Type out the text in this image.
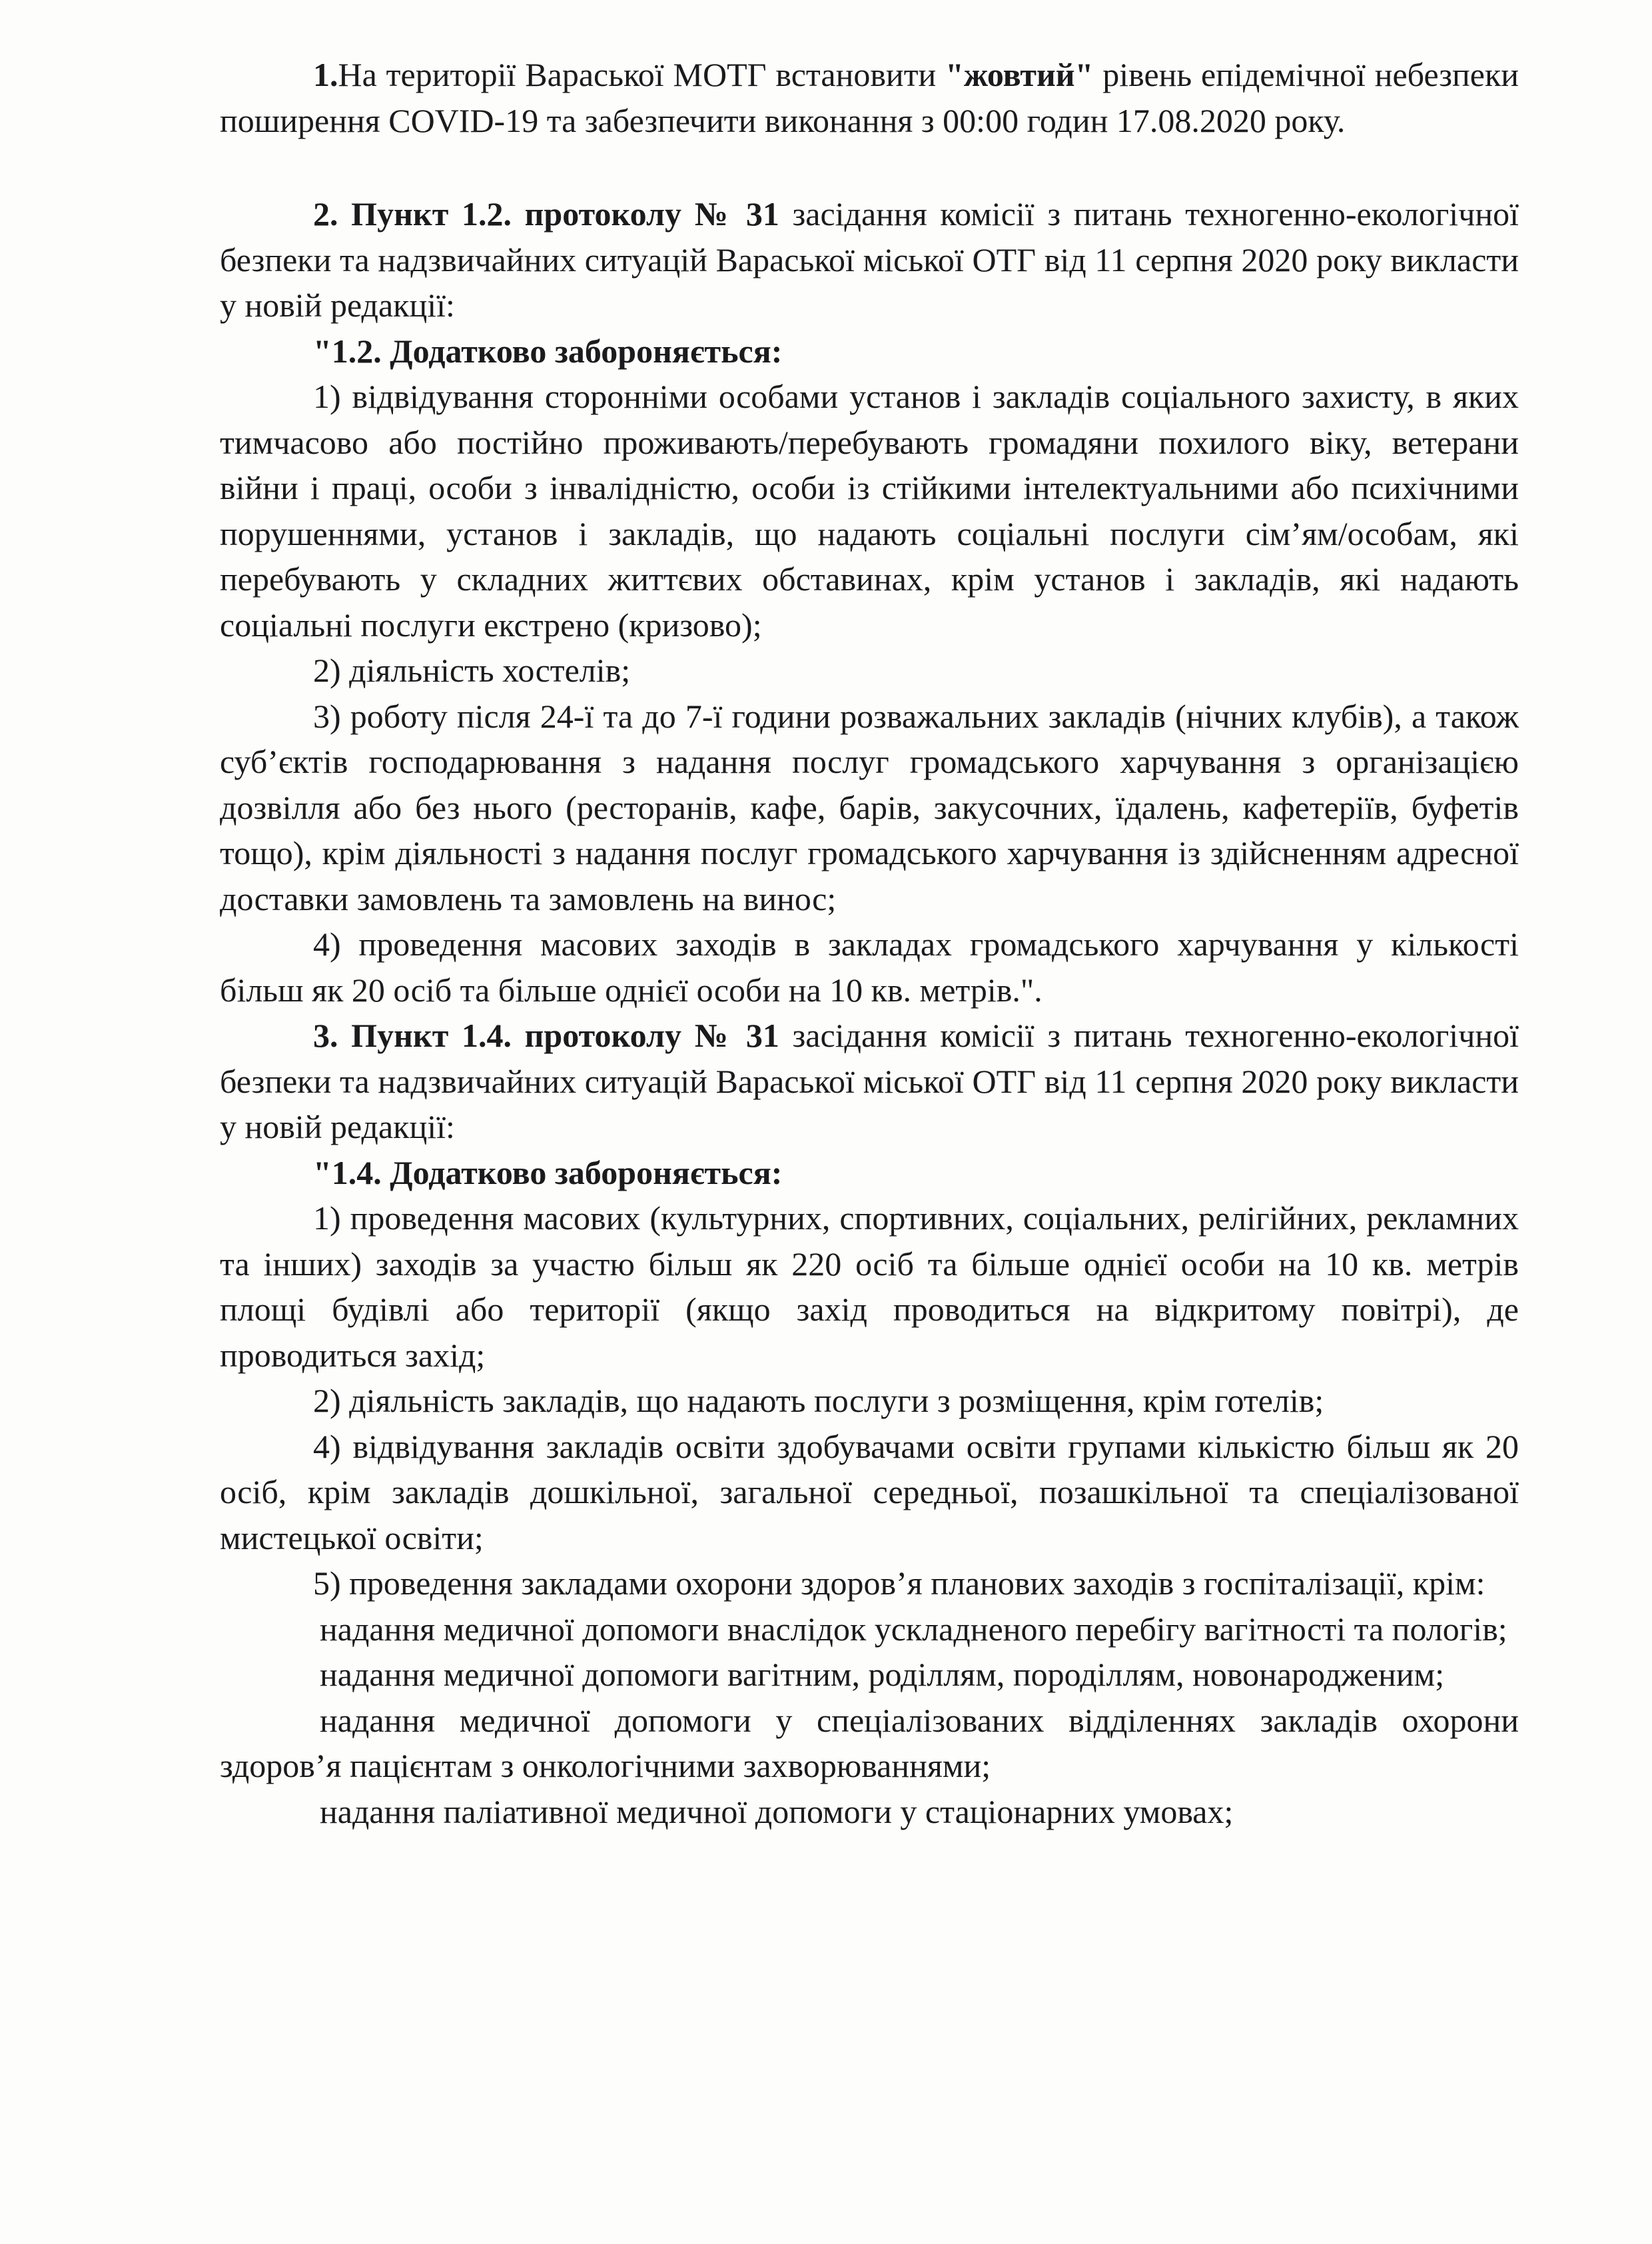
1.На території Вараської МОТГ встановити "жовтий" рівень епідемічної небезпеки поширення COVID-19 та забезпечити виконання з 00:00 годин 17.08.2020 року.

2. Пункт 1.2. протоколу № 31 засідання комісії з питань техногенно-екологічної безпеки та надзвичайних ситуацій Вараської міської ОТГ від 11 серпня 2020 року викласти у новій редакції:

"1.2. Додатково забороняється:

1) відвідування сторонніми особами установ і закладів соціального захисту, в яких тимчасово або постійно проживають/перебувають громадяни похилого віку, ветерани війни і праці, особи з інвалідністю, особи із стійкими інтелектуальними або психічними порушеннями, установ і закладів, що надають соціальні послуги сім’ям/особам, які перебувають у складних життєвих обставинах, крім установ і закладів, які надають соціальні послуги екстрено (кризово);

2) діяльність хостелів;

3) роботу після 24-ї та до 7-ї години розважальних закладів (нічних клубів), а також суб’єктів господарювання з надання послуг громадського харчування з організацією дозвілля або без нього (ресторанів, кафе, барів, закусочних, їдалень, кафетеріїв, буфетів тощо), крім діяльності з надання послуг громадського харчування із здійсненням адресної доставки замовлень та замовлень на винос;

4) проведення масових заходів в закладах громадського харчування у кількості більш як 20 осіб та більше однієї особи на 10 кв. метрів.".

3. Пункт 1.4. протоколу № 31 засідання комісії з питань техногенно-екологічної безпеки та надзвичайних ситуацій Вараської міської ОТГ від 11 серпня 2020 року викласти у новій редакції:

"1.4. Додатково забороняється:

1) проведення масових (культурних, спортивних, соціальних, релігійних, рекламних та інших) заходів за участю більш як 220 осіб та більше однієї особи на 10 кв. метрів площі будівлі або території (якщо захід проводиться на відкритому повітрі), де проводиться захід;

2) діяльність закладів, що надають послуги з розміщення, крім готелів;

4) відвідування закладів освіти здобувачами освіти групами кількістю більш як 20 осіб, крім закладів дошкільної, загальної середньої, позашкільної та спеціалізованої мистецької освіти;

5) проведення закладами охорони здоров’я планових заходів з госпіталізації, крім:

надання медичної допомоги внаслідок ускладненого перебігу вагітності та пологів;

надання медичної допомоги вагітним, роділлям, породіллям, новонародженим;

надання медичної допомоги у спеціалізованих відділеннях закладів охорони здоров’я пацієнтам з онкологічними захворюваннями;

надання паліативної медичної допомоги у стаціонарних умовах;
